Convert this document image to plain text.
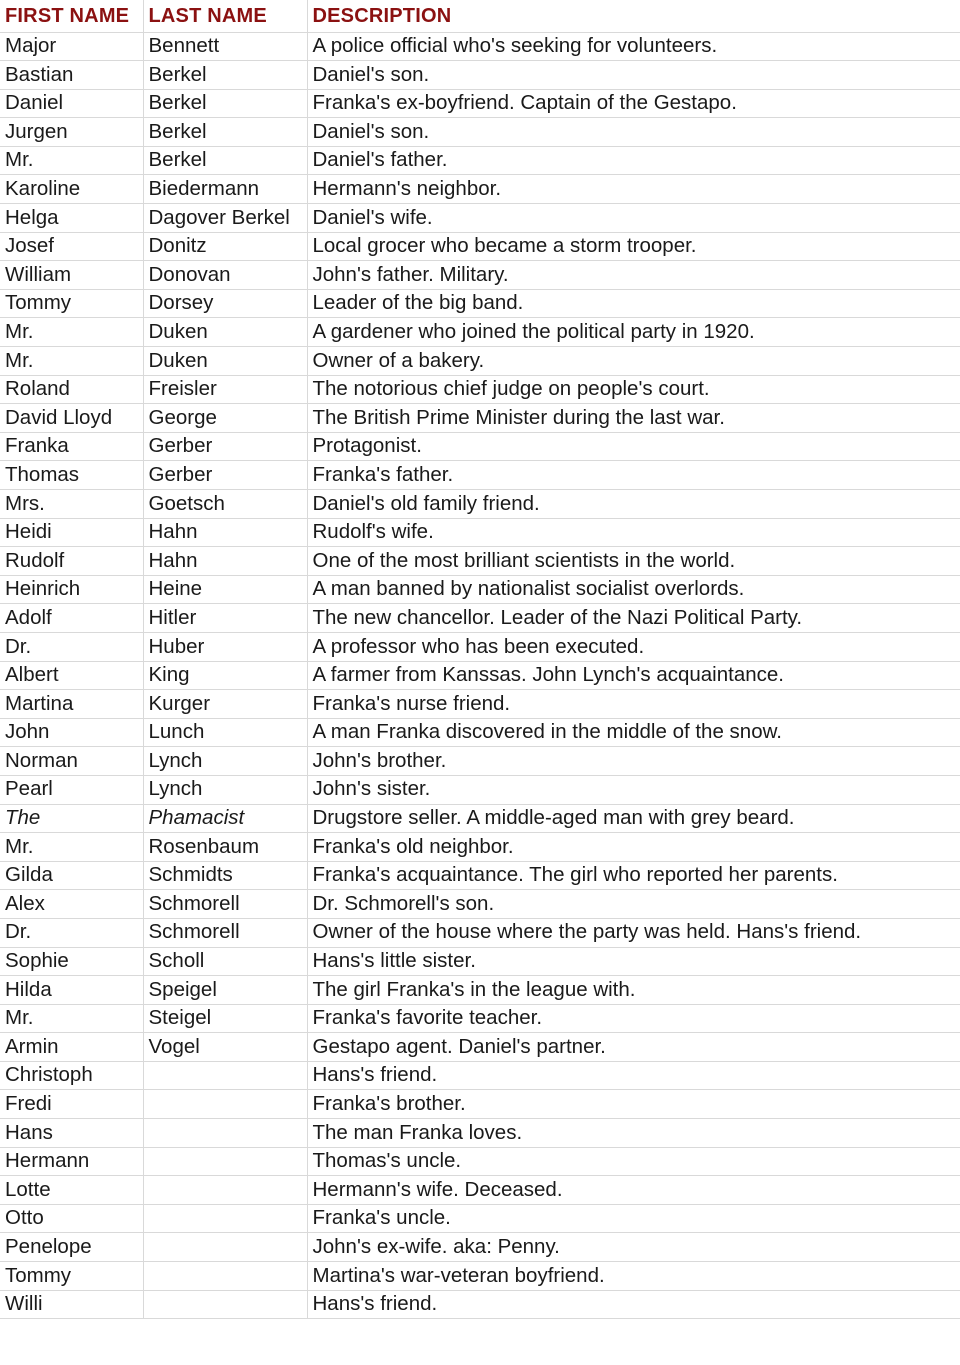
FIRST NAME	LAST NAME	DESCRIPTION
Major	Bennett	A police official who's seeking for volunteers.
Bastian	Berkel	Daniel's son.
Daniel	Berkel	Franka's ex-boyfriend. Captain of the Gestapo.
Jurgen	Berkel	Daniel's son.
Mr.	Berkel	Daniel's father.
Karoline	Biedermann	Hermann's neighbor.
Helga	Dagover Berkel	Daniel's wife.
Josef	Donitz	Local grocer who became a storm trooper.
William	Donovan	John's father. Military.
Tommy	Dorsey	Leader of the big band.
Mr.	Duken	A gardener who joined the political party in 1920.
Mr.	Duken	Owner of a bakery.
Roland	Freisler	The notorious chief judge on people's court.
David Lloyd	George	The British Prime Minister during the last war.
Franka	Gerber	Protagonist.
Thomas	Gerber	Franka's father.
Mrs.	Goetsch	Daniel's old family friend.
Heidi	Hahn	Rudolf's wife.
Rudolf	Hahn	One of the most brilliant scientists in the world.
Heinrich	Heine	A man banned by nationalist socialist overlords.
Adolf	Hitler	The new chancellor. Leader of the Nazi Political Party.
Dr.	Huber	A professor who has been executed.
Albert	King	A farmer from Kanssas. John Lynch's acquaintance.
Martina	Kurger	Franka's nurse friend.
John	Lunch	A man Franka discovered in the middle of the snow.
Norman	Lynch	John's brother.
Pearl	Lynch	John's sister.
The	Phamacist	Drugstore seller. A middle-aged man with grey beard.
Mr.	Rosenbaum	Franka's old neighbor.
Gilda	Schmidts	Franka's acquaintance. The girl who reported her parents.
Alex	Schmorell	Dr. Schmorell's son.
Dr.	Schmorell	Owner of the house where the party was held. Hans's friend.
Sophie	Scholl	Hans's little sister.
Hilda	Speigel	The girl Franka's in the league with.
Mr.	Steigel	Franka's favorite teacher.
Armin	Vogel	Gestapo agent. Daniel's partner.
Christoph		Hans's friend.
Fredi		Franka's brother.
Hans		The man Franka loves.
Hermann		Thomas's uncle.
Lotte		Hermann's wife. Deceased.
Otto		Franka's uncle.
Penelope		John's ex-wife. aka: Penny.
Tommy		Martina's war-veteran boyfriend.
Willi		Hans's friend.
